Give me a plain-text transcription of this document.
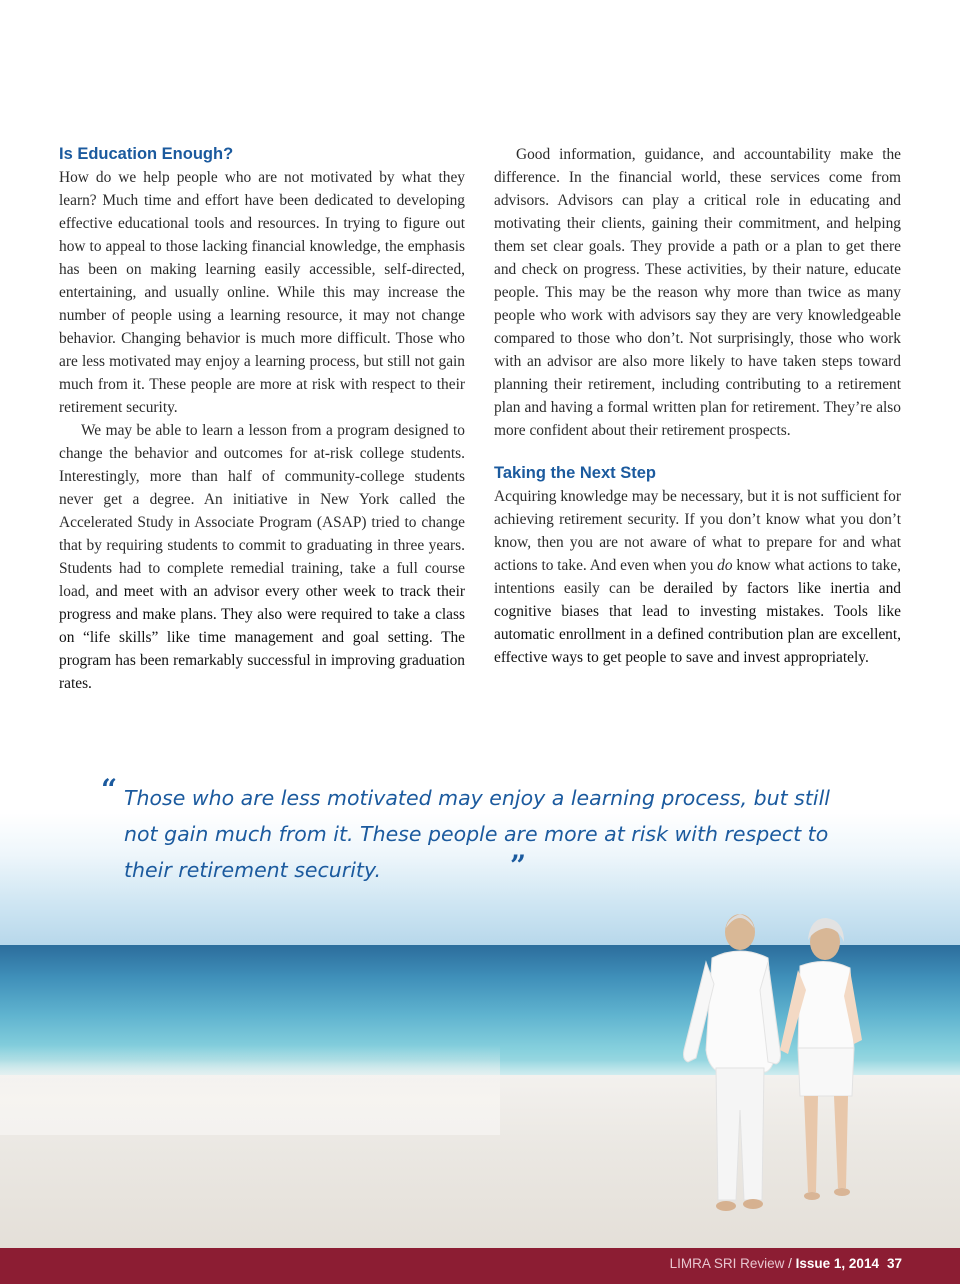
Is Education Enough?

How do we help people who are not motivated by what they learn? Much time and effort have been dedicated to developing effective educational tools and resources. In trying to figure out how to appeal to those lacking financial knowledge, the emphasis has been on making learning easily accessible, self-directed, entertaining, and usually online. While this may increase the number of people using a learning resource, it may not change behavior. Changing behavior is much more difficult. Those who are less motivated may enjoy a learning process, but still not gain much from it. These people are more at risk with respect to their retirement security.

We may be able to learn a lesson from a program designed to change the behavior and outcomes for at-risk college students. Interestingly, more than half of community-college students never get a degree. An initiative in New York called the Accelerated Study in Associate Program (ASAP) tried to change that by requiring students to commit to graduating in three years. Students had to complete remedial training, take a full course load, and meet with an advisor every other week to track their progress and make plans. They also were required to take a class on “life skills” like time management and goal setting. The program has been remarkably successful in improving graduation rates.

Good information, guidance, and accountability make the difference. In the financial world, these services come from advisors. Advisors can play a critical role in educating and motivating their clients, gaining their commitment, and helping them set clear goals. They provide a path or a plan to get there and check on progress. These activities, by their nature, educate people. This may be the reason why more than twice as many people who work with advisors say they are very knowledgeable compared to those who don’t. Not surprisingly, those who work with an advisor are also more likely to have taken steps toward planning their retirement, including contributing to a retirement plan and having a formal written plan for retirement. They’re also more confident about their retirement prospects.

Taking the Next Step

Acquiring knowledge may be necessary, but it is not sufficient for achieving retirement security. If you don’t know what you don’t know, then you are not aware of what to prepare for and what actions to take. And even when you do know what actions to take, intentions easily can be derailed by factors like inertia and cognitive biases that lead to investing mistakes. Tools like automatic enrollment in a defined contribution plan are excellent, effective ways to get people to save and invest appropriately.

“ Those who are less motivated may enjoy a learning process, but still not gain much from it. These people are more at risk with respect to their retirement security.	”
LIMRA SRI Review / Issue 1, 2014 37
